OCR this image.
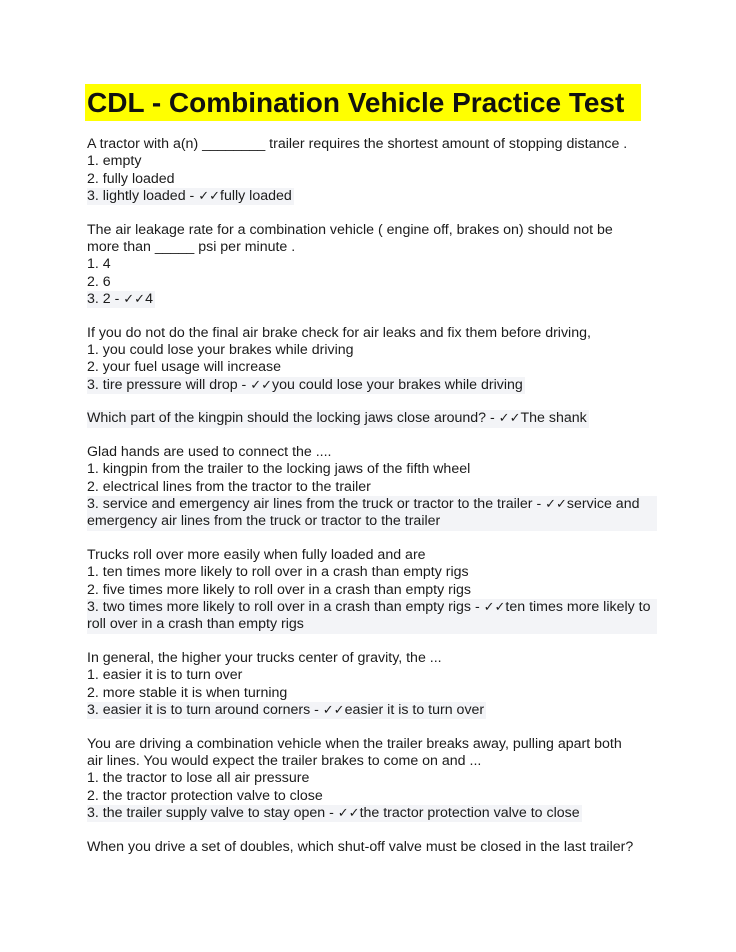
CDL - Combination Vehicle Practice Test
A tractor with a(n) ________ trailer requires the shortest amount of stopping distance .
1. empty
2. fully loaded
3. lightly loaded - ✓✓fully loaded
The air leakage rate for a combination vehicle ( engine off, brakes on) should not be
more than _____ psi per minute .
1. 4
2. 6
3. 2 - ✓✓4
If you do not do the final air brake check for air leaks and fix them before driving,
1. you could lose your brakes while driving
2. your fuel usage will increase
3. tire pressure will drop - ✓✓you could lose your brakes while driving
Which part of the kingpin should the locking jaws close around? - ✓✓The shank
Glad hands are used to connect the ....
1. kingpin from the trailer to the locking jaws of the fifth wheel
2. electrical lines from the tractor to the trailer
3. service and emergency air lines from the truck or tractor to the trailer - ✓✓service and emergency air lines from the truck or tractor to the trailer
Trucks roll over more easily when fully loaded and are
1. ten times more likely to roll over in a crash than empty rigs
2. five times more likely to roll over in a crash than empty rigs
3. two times more likely to roll over in a crash than empty rigs - ✓✓ten times more likely to roll over in a crash than empty rigs
In general, the higher your trucks center of gravity, the ...
1. easier it is to turn over
2. more stable it is when turning
3. easier it is to turn around corners - ✓✓easier it is to turn over
You are driving a combination vehicle when the trailer breaks away, pulling apart both
air lines. You would expect the trailer brakes to come on and ...
1. the tractor to lose all air pressure
2. the tractor protection valve to close
3. the trailer supply valve to stay open - ✓✓the tractor protection valve to close
When you drive a set of doubles, which shut-off valve must be closed in the last trailer?
